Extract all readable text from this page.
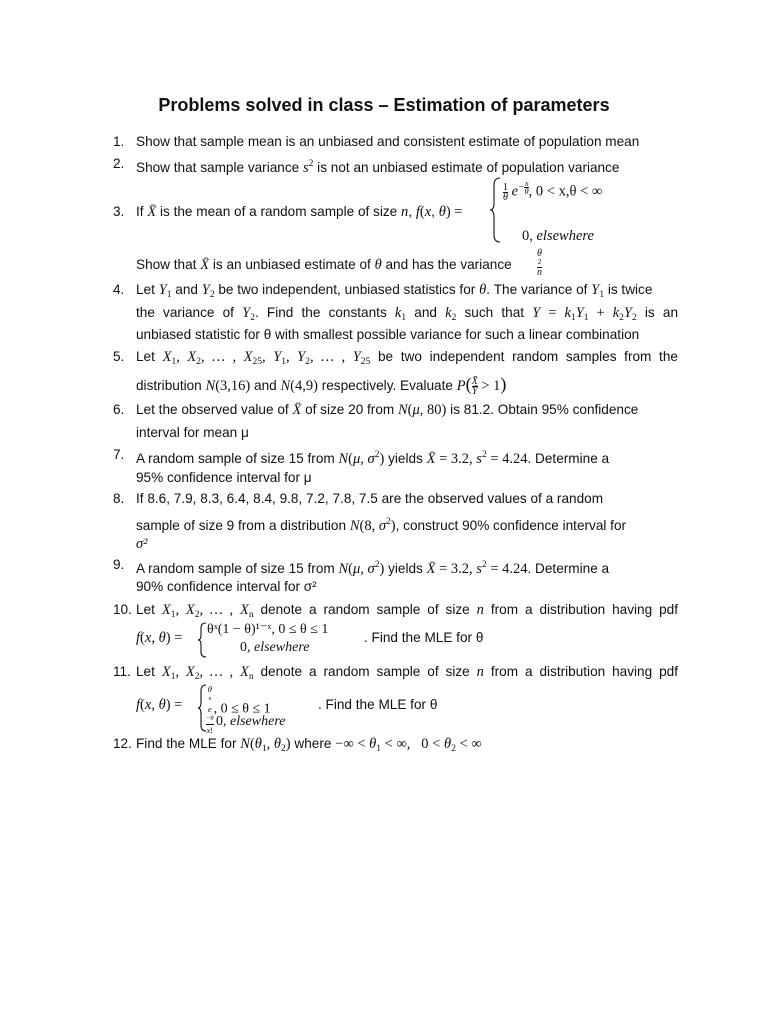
Problems solved in class – Estimation of parameters
1. Show that sample mean is an unbiased and consistent estimate of population mean
2. Show that sample variance $s^2$ is not an unbiased estimate of population variance
3. If X̄ is the mean of a random sample of size n, f(x, θ) =
$\frac{1}{\theta} e^{- \frac{x}{\theta}}$ , 0 < x,θ < ∞
0, elsewhere
Show that X̄ is an unbiased estimate of θ and has the variance	θ
2
n
4. Let $Y_1$ and $Y_2$ be two independent, unbiased statistics for θ. The variance of $Y_1$ is twice
the variance of $Y_2$. Find the constants $k_1$ and $k_2$ such that $Y = k_1Y_1 + k_2Y_2$ is an
unbiased statistic for θ with smallest possible variance for such a linear combination
5. Let $X_1$, $X_2$, … , $X_{25}$, $Y_1$, $Y_2$, … , $Y_{25}$ be two independent random samples from the
distribution N(3,16) and N(4,9) respectively. Evaluate $P( \frac{X̄}{Ȳ} > 1)$
6. Let the observed value of X̄ of size 20 from N(μ, 80) is 81.2. Obtain 95% confidence
interval for mean μ
7. A random sample of size 15 from N(μ, $\sigma^2$) yields X̄ = 3.2, $s^2 = 4.24$. Determine a
95% confidence interval for μ
8. If 8.6, 7.9, 8.3, 6.4, 8.4, 9.8, 7.2, 7.8, 7.5 are the observed values of a random
sample of size 9 from a distribution N(8, $\sigma^2$), construct 90% confidence interval for
σ²
9. A random sample of size 15 from N(μ, $\sigma^2$) yields X̄ = 3.2, $s^2 = 4.24$. Determine a
90% confidence interval for σ²
10. Let $X_1$, $X_2$, … , $X_n$ denote a random sample of size n from a distribution having pdf
f(x, θ) =
θˣ(1 − θ)¹⁻ˣ, 0 ≤ θ ≤ 1
0, elsewhere
. Find the MLE for θ
11. Let $X_1$, $X_2$, … , $X_n$ denote a random sample of size n from a distribution having pdf
f(x, θ) =	θ
x
e
−θ
x! , 0 ≤ θ ≤ 1
0, elsewhere
. Find the MLE for θ
12. Find the MLE for $N(\theta_1$, $\theta_2$) where −∞ < $\theta_1$ < ∞,   $0 < \theta_2$ < ∞
